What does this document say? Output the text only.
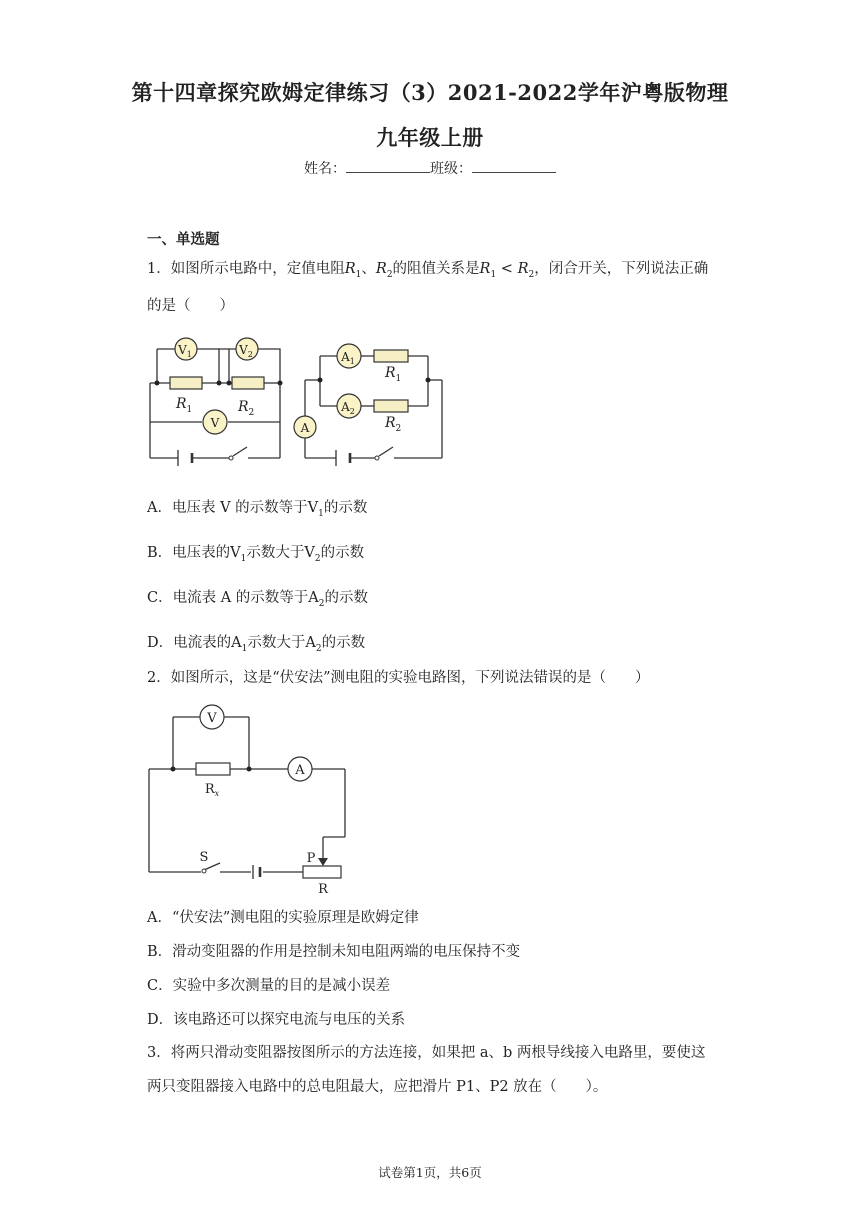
第十四章探究欧姆定律练习（3）2021-2022学年沪粤版物理
九年级上册
姓名：	班级：
一、单选题
1．如图所示电路中，定值电阻$R_1$、$R_2$的阻值关系是$R_1 < R_2$，闭合开关，下列说法正确
的是（　　）
$V_1$	$V_2$
V
$A_1$
$A_2$
A
$R_1$	$R_2$
$R_1$
$R_2$
A．电压表 V 的示数等于$V_1$的示数
B．电压表的$V_1$示数大于$V_2$的示数
C．电流表 A 的示数等于$A_2$的示数
D．电流表的$A_1$示数大于$A_2$的示数
2．如图所示，这是“伏安法”测电阻的实验电路图，下列说法错误的是（　　）
V
A
$R_x$
S	P
R
A．“伏安法”测电阻的实验原理是欧姆定律
B．滑动变阻器的作用是控制未知电阻两端的电压保持不变
C．实验中多次测量的目的是减小误差
D．该电路还可以探究电流与电压的关系
3．将两只滑动变阻器按图所示的方法连接，如果把 a、b 两根导线接入电路里，要使这
两只变阻器接入电路中的总电阻最大，应把滑片 P1、P2 放在（　　）。
试卷第1页，共6页
